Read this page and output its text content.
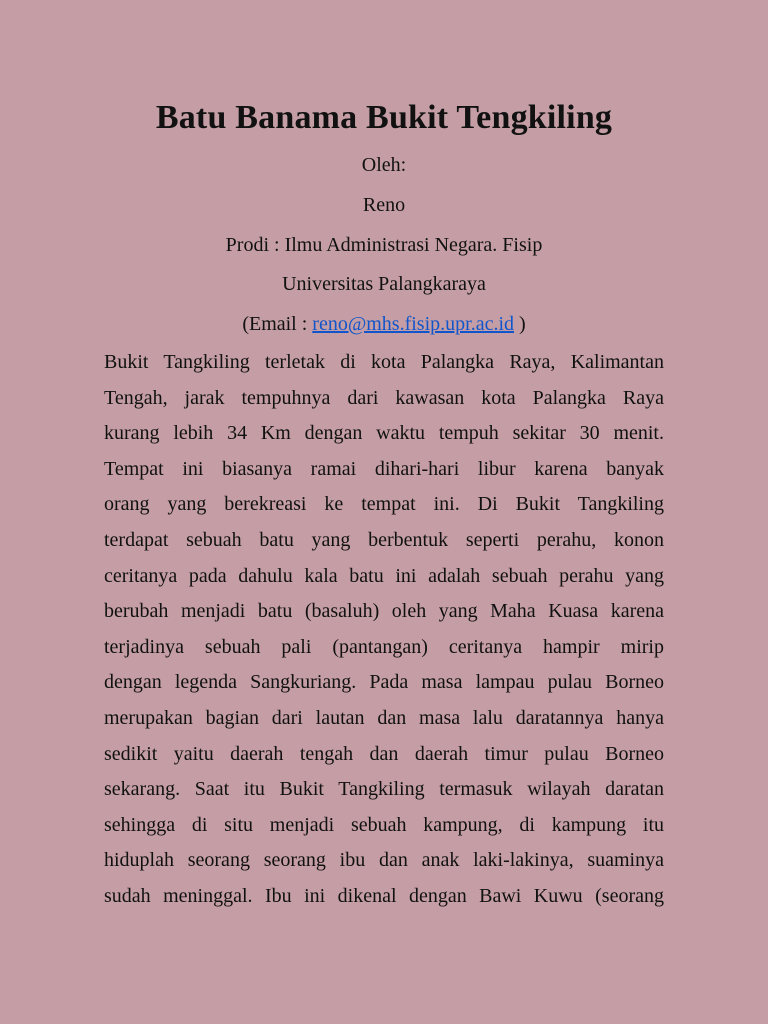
Batu Banama Bukit Tengkiling

Oleh:

Reno

Prodi : Ilmu Administrasi Negara. Fisip

Universitas Palangkaraya

(Email : reno@mhs.fisip.upr.ac.id )

Bukit Tangkiling terletak di kota Palangka Raya, Kalimantan
Tengah, jarak tempuhnya dari kawasan kota Palangka Raya
kurang lebih 34 Km dengan waktu tempuh sekitar 30 menit.
Tempat ini biasanya ramai dihari-hari libur karena banyak
orang yang berekreasi ke tempat ini. Di Bukit Tangkiling
terdapat sebuah batu yang berbentuk seperti perahu, konon
ceritanya pada dahulu kala batu ini adalah sebuah perahu yang
berubah menjadi batu (basaluh) oleh yang Maha Kuasa karena
terjadinya sebuah pali (pantangan) ceritanya hampir mirip
dengan legenda Sangkuriang. Pada masa lampau pulau Borneo
merupakan bagian dari lautan dan masa lalu daratannya hanya
sedikit yaitu daerah tengah dan daerah timur pulau Borneo
sekarang. Saat itu Bukit Tangkiling termasuk wilayah daratan
sehingga di situ menjadi sebuah kampung, di kampung itu
hiduplah seorang seorang ibu dan anak laki-lakinya, suaminya
sudah meninggal. Ibu ini dikenal dengan Bawi Kuwu (seorang
